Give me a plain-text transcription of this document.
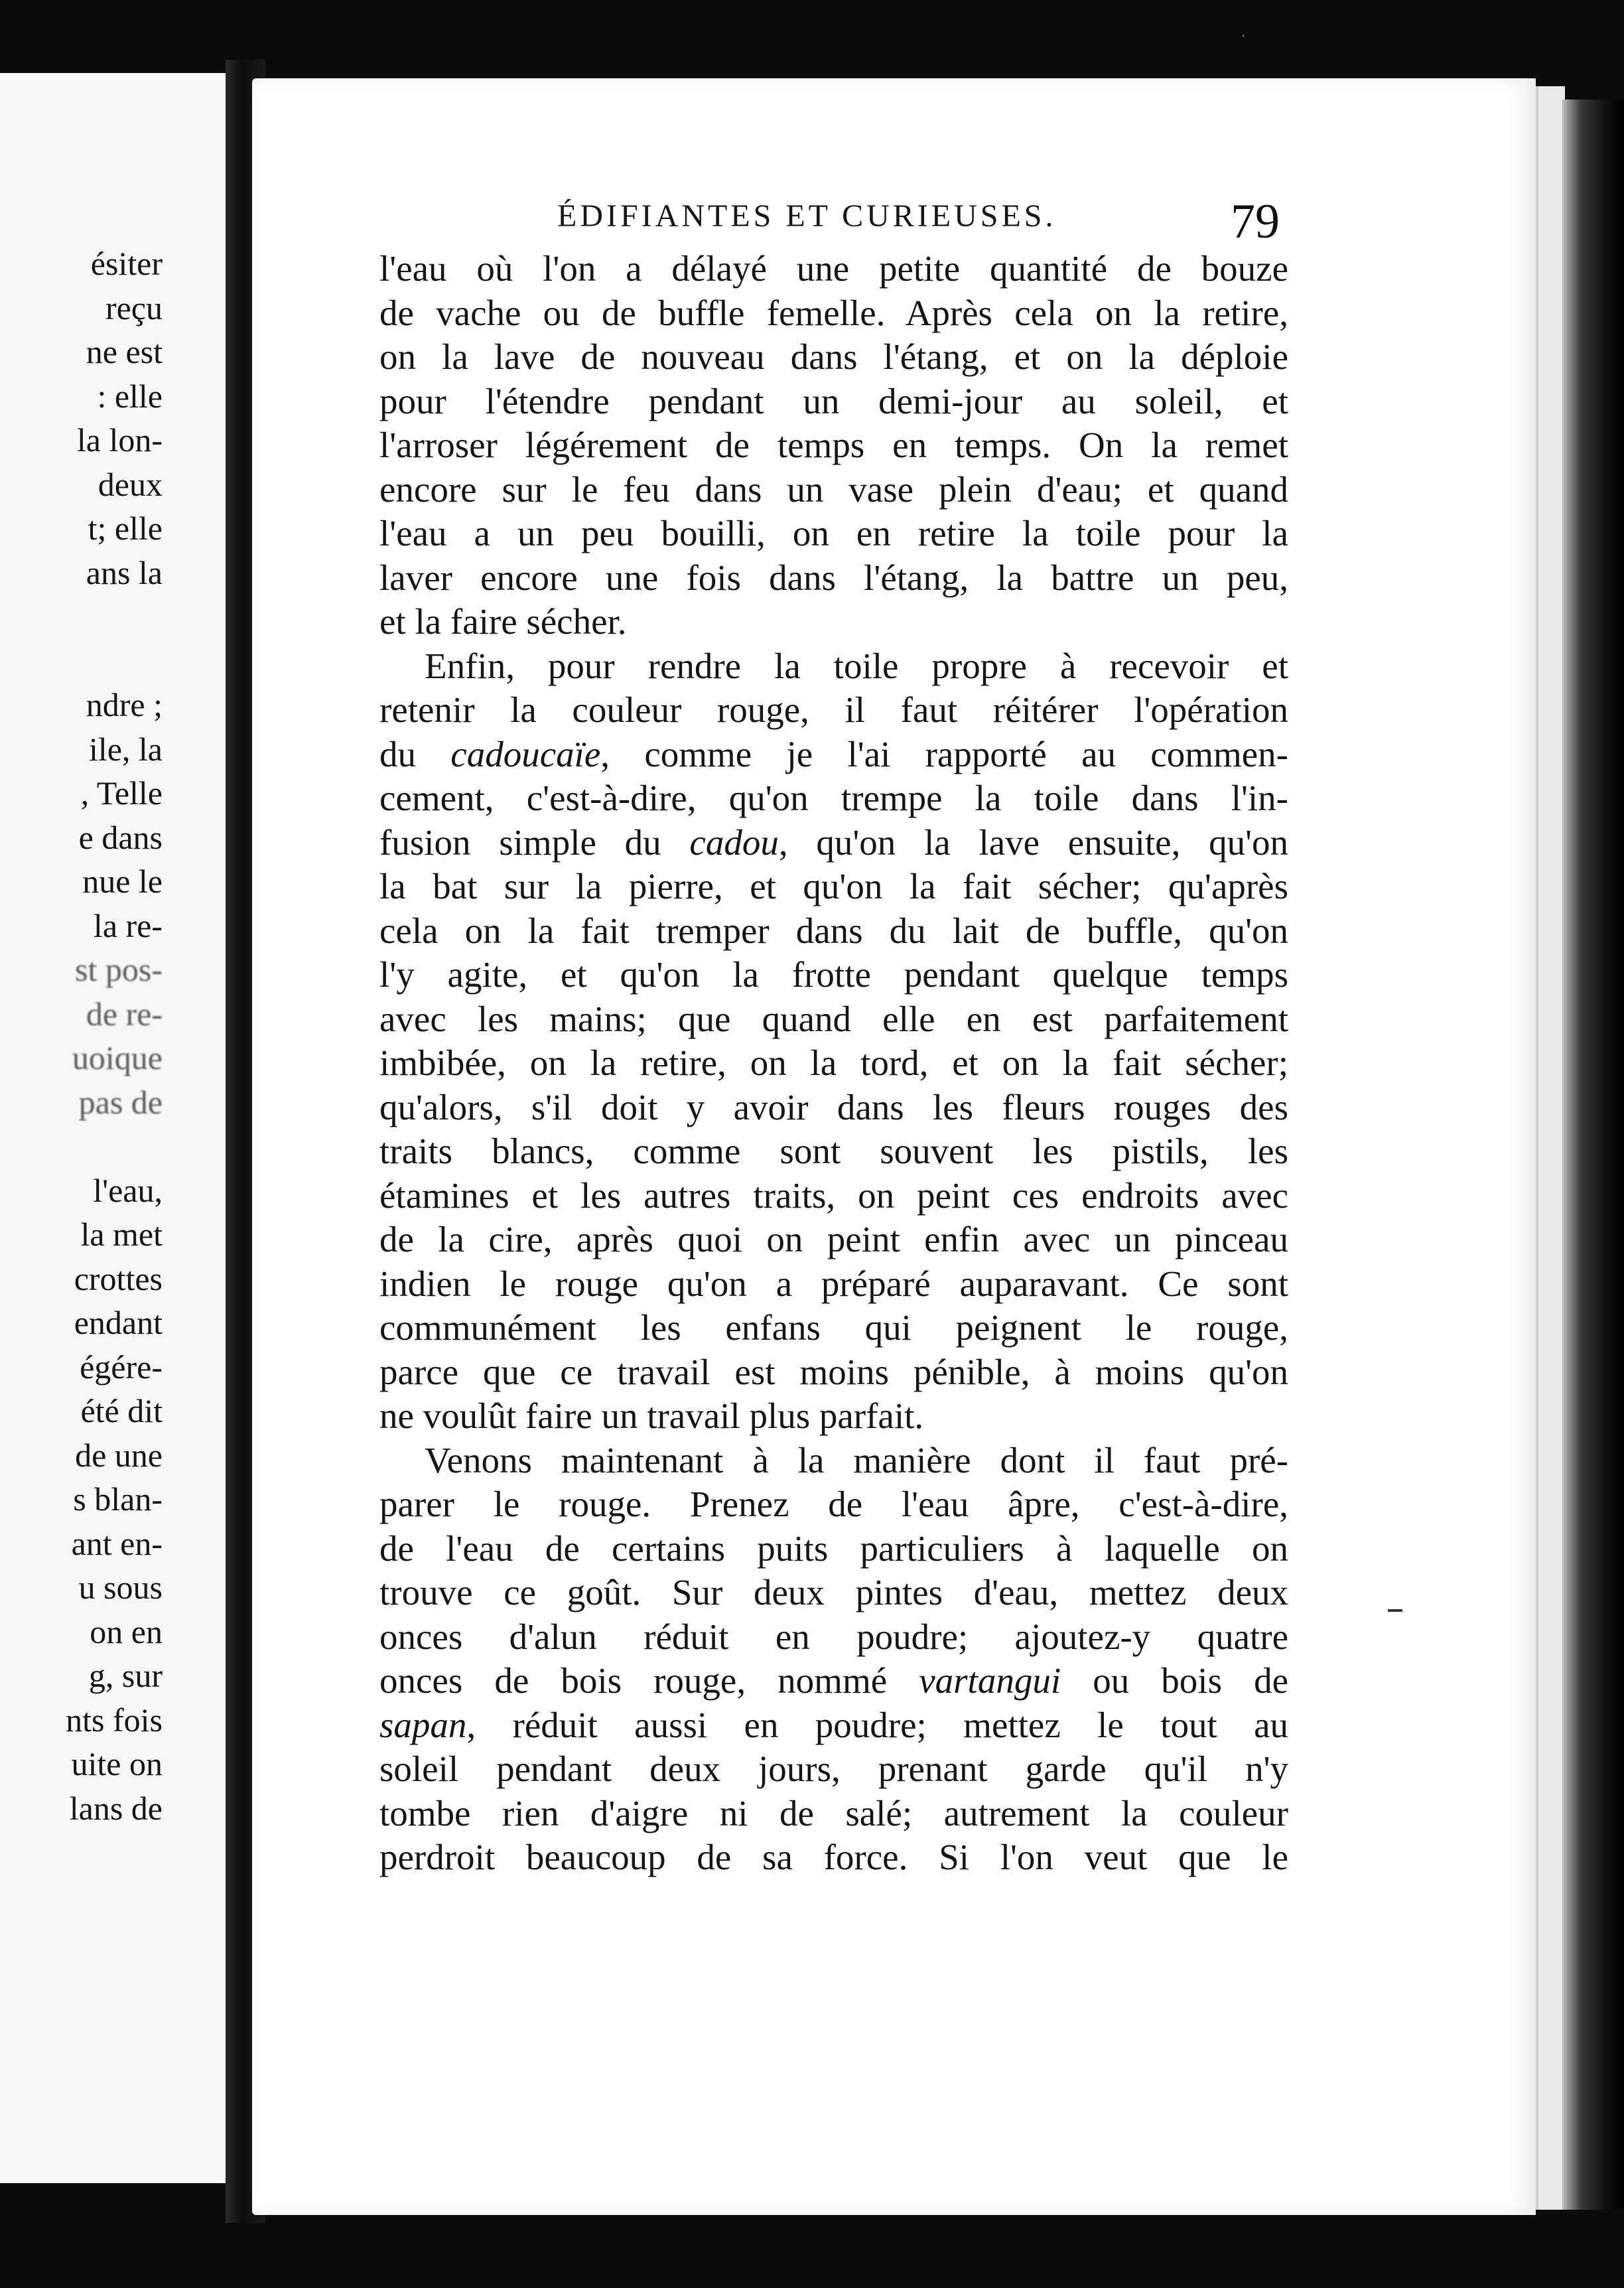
·
ésiter
reçu
ne est
: elle
la lon-
deux
t; elle
ans la
ndre ;
ile, la
, Telle
e dans
nue le
la re-
st pos-
de re-
uoique
pas de
l'eau,
la met
crottes
endant
égére-
été dit
de une
s blan-
ant en-
u sous
on en
g, sur
nts fois
uite on
lans de
ÉDIFIANTES ET CURIEUSES.	79
l'eau où l'on a délayé une petite quantité de bouze
de vache ou de buffle femelle. Après cela on la retire,
on la lave de nouveau dans l'étang, et on la déploie
pour l'étendre pendant un demi-jour au soleil, et
l'arroser légérement de temps en temps. On la remet
encore sur le feu dans un vase plein d'eau; et quand
l'eau a un peu bouilli, on en retire la toile pour la
laver encore une fois dans l'étang, la battre un peu,
et la faire sécher.
Enfin, pour rendre la toile propre à recevoir et
retenir la couleur rouge, il faut réitérer l'opération
du cadoucaïe, comme je l'ai rapporté au commen-
cement, c'est-à-dire, qu'on trempe la toile dans l'in-
fusion simple du cadou, qu'on la lave ensuite, qu'on
la bat sur la pierre, et qu'on la fait sécher; qu'après
cela on la fait tremper dans du lait de buffle, qu'on
l'y agite, et qu'on la frotte pendant quelque temps
avec les mains; que quand elle en est parfaitement
imbibée, on la retire, on la tord, et on la fait sécher;
qu'alors, s'il doit y avoir dans les fleurs rouges des
traits blancs, comme sont souvent les pistils, les
étamines et les autres traits, on peint ces endroits avec
de la cire, après quoi on peint enfin avec un pinceau
indien le rouge qu'on a préparé auparavant. Ce sont
communément les enfans qui peignent le rouge,
parce que ce travail est moins pénible, à moins qu'on
ne voulût faire un travail plus parfait.
Venons maintenant à la manière dont il faut pré-
parer le rouge. Prenez de l'eau âpre, c'est-à-dire,
de l'eau de certains puits particuliers à laquelle on
trouve ce goût. Sur deux pintes d'eau, mettez deux
onces d'alun réduit en poudre; ajoutez-y quatre
onces de bois rouge, nommé vartangui ou bois de
sapan, réduit aussi en poudre; mettez le tout au
soleil pendant deux jours, prenant garde qu'il n'y
tombe rien d'aigre ni de salé; autrement la couleur
perdroit beaucoup de sa force. Si l'on veut que le
